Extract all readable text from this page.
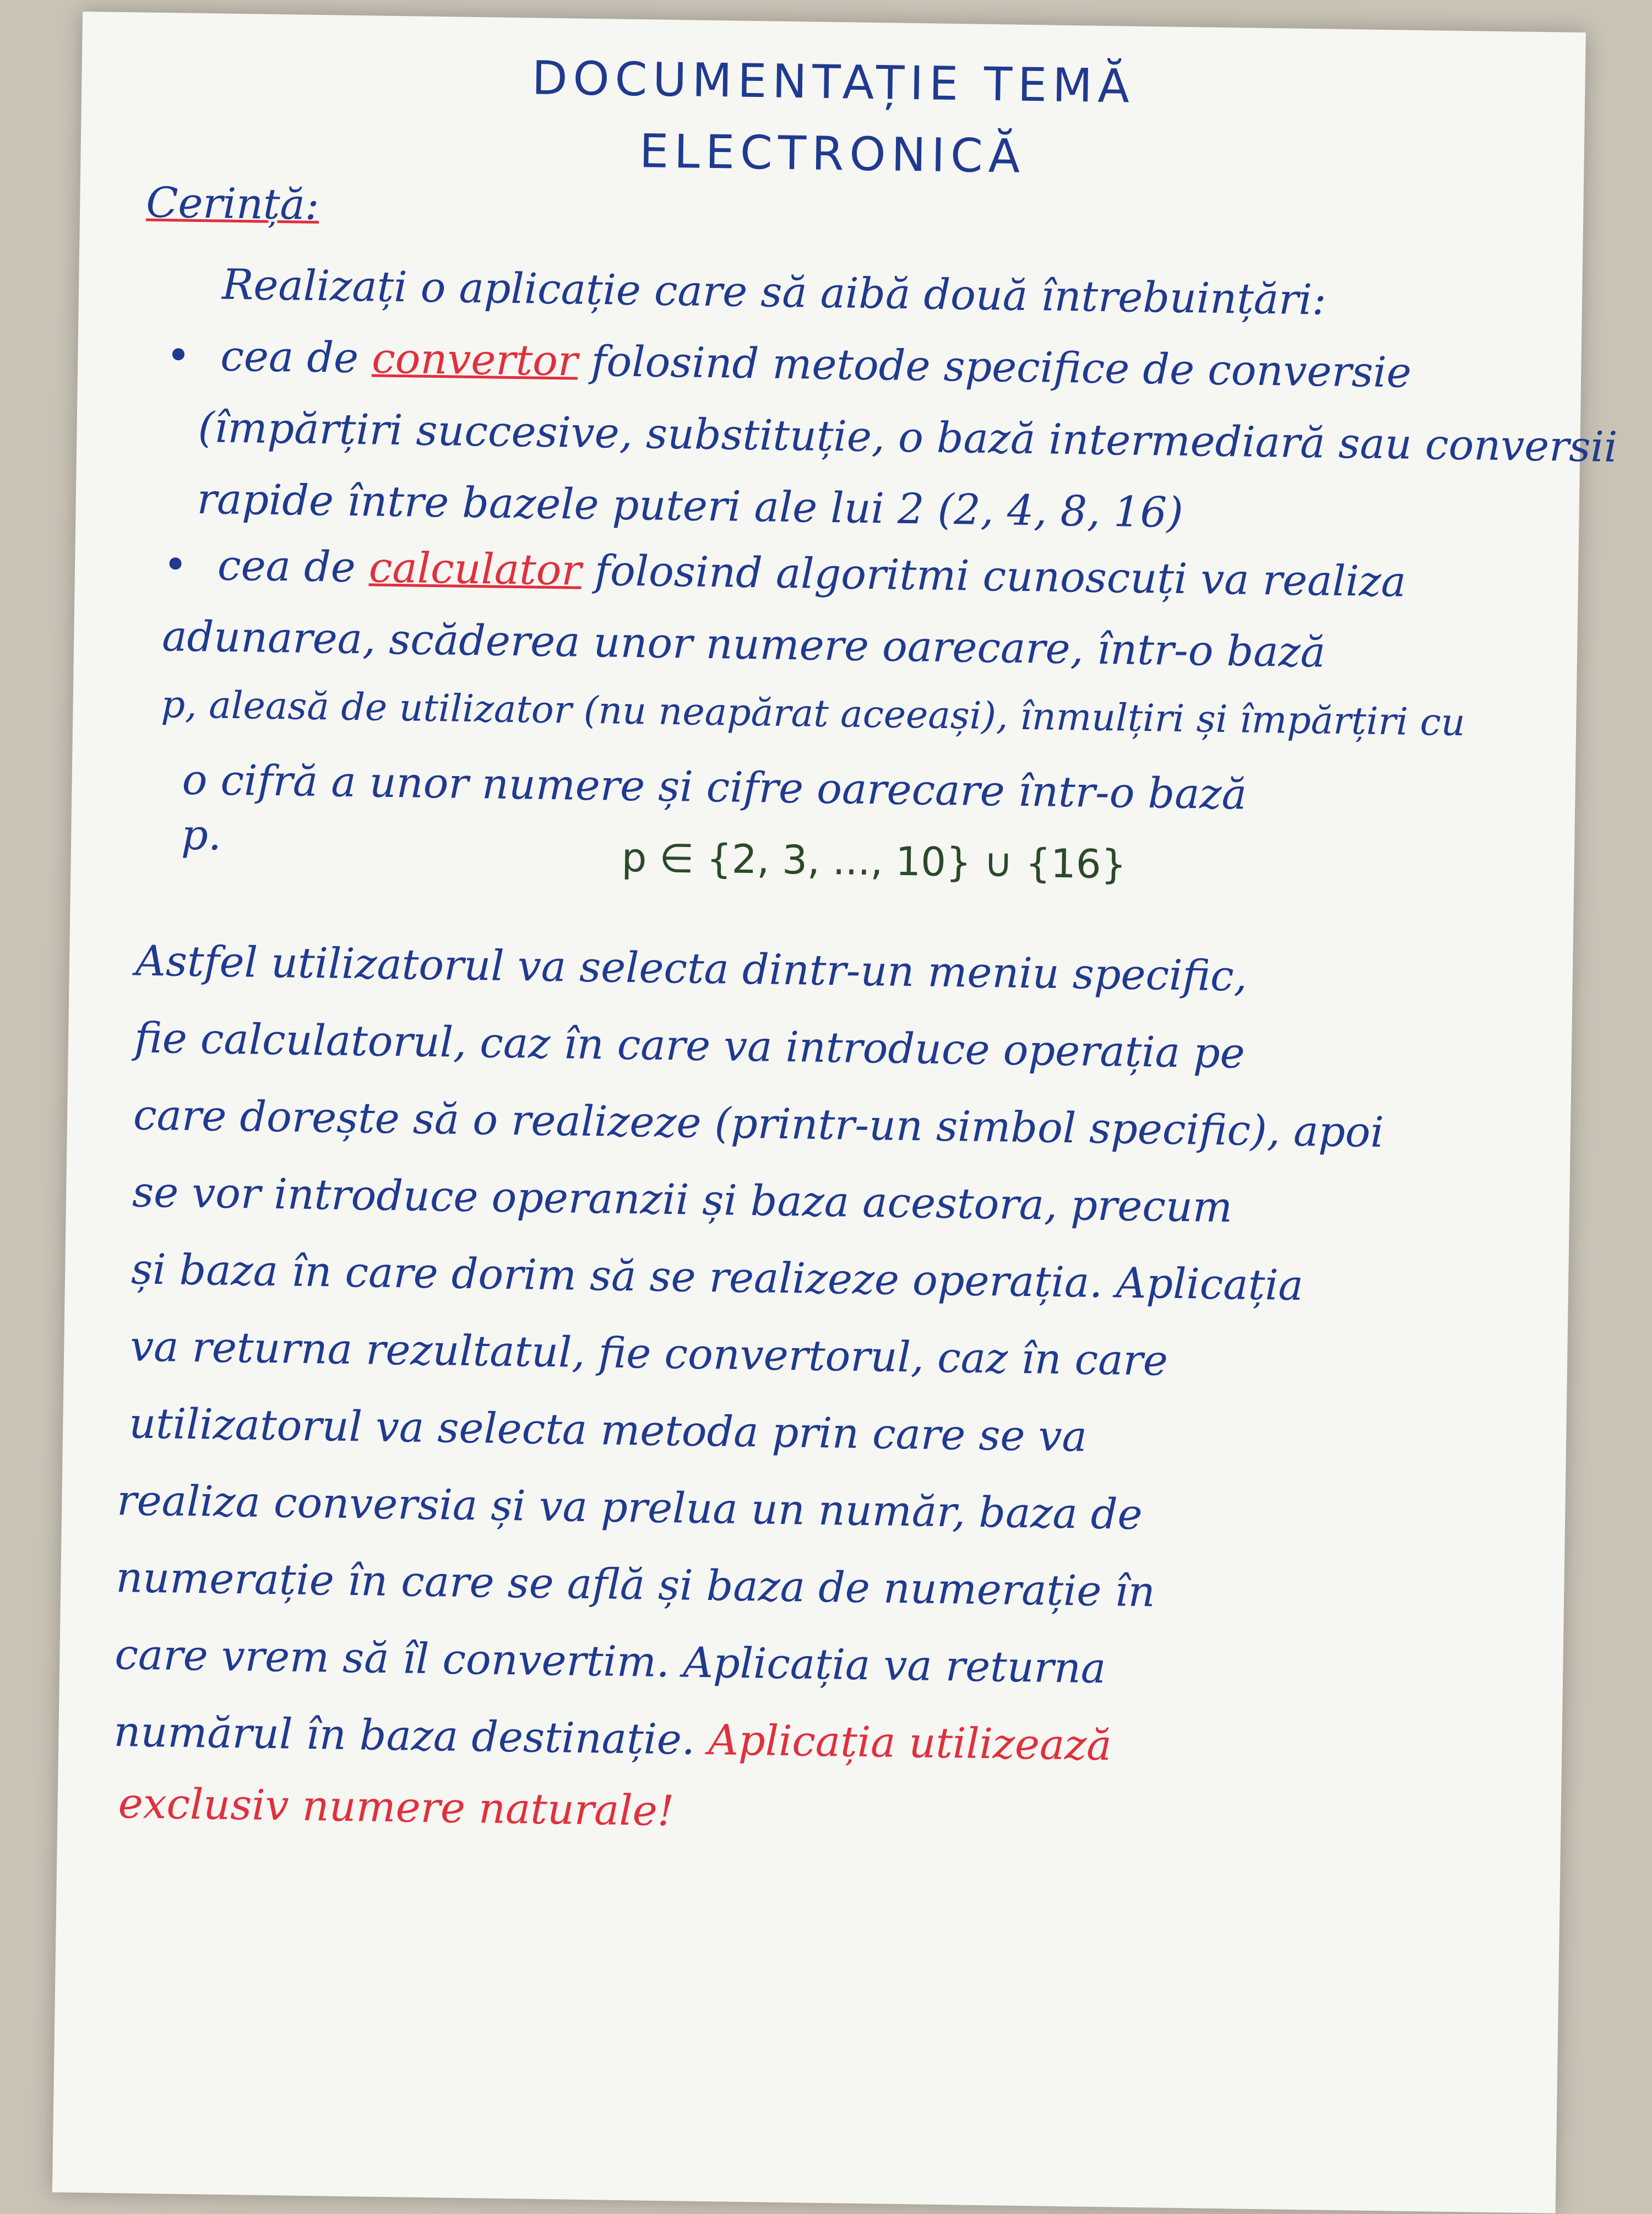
DOCUMENTAȚIE TEMĂ
ELECTRONICĂ
Cerință:
Realizați o aplicație care să aibă două întrebuințări:
• cea de convertor folosind metode specifice de conversie
(împărțiri succesive, substituție, o bază intermediară sau conversii
rapide între bazele puteri ale lui 2 (2, 4, 8, 16)
• cea de calculator folosind algoritmi cunoscuți va realiza
adunarea, scăderea unor numere oarecare, într-o bază
p, aleasă de utilizator (nu neapărat aceeași), înmulțiri și împărțiri cu
o cifră a unor numere și cifre oarecare într-o bază
p.	p ∈ {2, 3, ..., 10} ∪ {16}
Astfel utilizatorul va selecta dintr-un meniu specific,
fie calculatorul, caz în care va introduce operația pe
care dorește să o realizeze (printr-un simbol specific), apoi
se vor introduce operanzii și baza acestora, precum
și baza în care dorim să se realizeze operația. Aplicația
va returna rezultatul, fie convertorul, caz în care
utilizatorul va selecta metoda prin care se va
realiza conversia și va prelua un număr, baza de
numerație în care se află și baza de numerație în
care vrem să îl convertim. Aplicația va returna
numărul în baza destinație. Aplicația utilizează
exclusiv numere naturale!
